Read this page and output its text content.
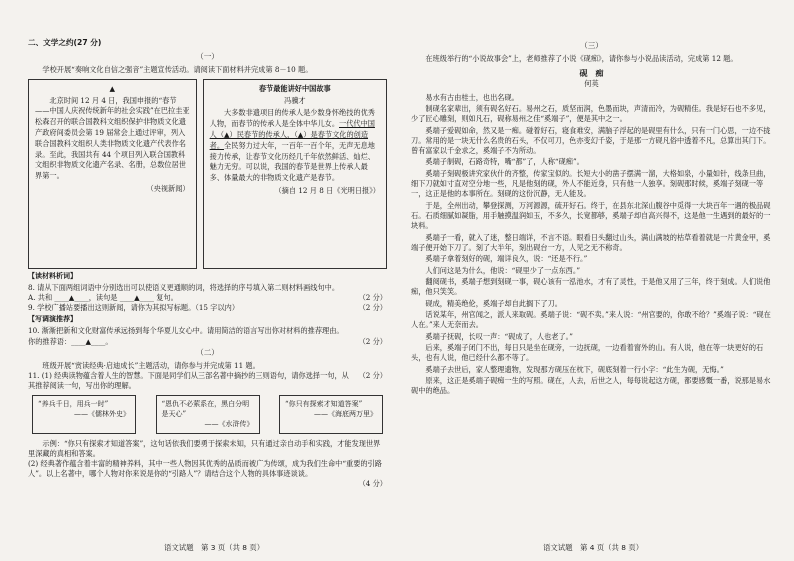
二、文学之约(27 分)

（一）

学校开展“奏响文化自信之强音”主题宣传活动。请阅读下面材料并完成第 8－10 题。

▲

北京时间 12 月 4 日，我国申报的“春节——中国人庆祝传统新年的社会实践”在巴拉圭亚松森召开的联合国教科文组织保护非物质文化遗产政府间委员会第 19 届常会上通过评审，列入联合国教科文组织人类非物质文化遗产代表作名录。至此，我国共有 44 个项目列入联合国教科文组织非物质文化遗产名录、名册，总数位居世界第一。

（央视新闻）

春节最能讲好中国故事

冯骥才

大多数非遗项目的传承人是少数身怀绝技的优秀人物，而春节的传承人是全体中华儿女。一代代中国人（▲）民春节的传承人，（▲）是春节文化的创造者。全民努力过大年，一百年一百个年，无声无息地接力传承，让春节文化历经几千年依然鲜活、灿烂、魅力无穷。可以说，我国的春节是世界上传承人最多、体量最大的非物质文化遗产是春节。

（摘自 12 月 8 日《光明日报》）

【读材料析词】

8. 请从下面两组词语中分别选出可以使语义更通顺的词，将选择的序号填入第二则材料画线句中。

A. 共和 ____▲____，读句是 ____▲____ 复句。	（2 分）
9. 学校广播站要播出这则新闻，请你为其拟写标题。（15 字以内）	（2 分）

【写调演推荐】

10. 渐渐把新和文化财富传承远扬到每个华夏儿女心中。请用简洁的语言写出你对材料的推荐理由。

你的推荐语：____▲____。	（2 分）

（二）

班级开展“赏读经典·启迪成长”主题活动，请你参与并完成第 11 题。

11. (1) 经典读物蕴含着人生的智慧。下面是同学们从三部名著中摘抄的三则语句，请你选择一句，从其推荐阅读一句，写出你的理解。
（2 分）

“养兵千日，用兵一时”

——《儒林外史》

“恩仇不必萦系在，黑白分明是天心”

——《水浒传》

“你只有探索才知道答案”

——《海底两万里》

示例：“你只有探索才知道答案”，这句话依我们要勇于探索未知，只有通过亲自动手和实践，才能发现世界里深藏的真相和答案。

(2) 经典著作蕴含着丰富的精神养料，其中一些人物因其优秀的品质而被广为传颂，成为我们生命中“重要的引路人”。以上名著中，哪个人物对你来说是你的“引路人”？请结合这个人物的具体事迹谈谈。

（4 分）
语文试题　第 3 页（共 8 页）

（三）

在班级举行的“小说故事会”上，老师推荐了小说《砚痴》，请你参与小说品读活动，完成第 12 题。

砚　痴

何英

易水有古由桂士，也出名砚。

制砚名家辈出，须有砚名好石。易州之石，质坚而润，色墨而块，声清而冷，为砚精佳。我是好石也不多见，少了匠心雕刻，则如凡石，砚称易州之佳“奚端子”，便是其中之一。

奚端子爱砚如命，然又是一痴。碰着好石，寝食难安，满脑子浮起的是砚里有什么，只有一门心思，一边不拢刀。常用的是一块无什么名贵的石头，不仅可刀，色亦变幻千姿，于是那一方砚凡俗中透着不凡，总算出其门下。曾有富家以千金求之，奚端子不为所动。

奚端子制砚，石路奇特，嘴“都”了，人称“砚痴”。

奚端子刻砚极讲究家伙什的齐整，传家宝似的。长短大小的凿子摆满一溜，大格如泉，小量如针，线条旦曲，细下刀就如寸直对空分地一些，凡是他刻的砚，外人不能近身，只有他一人独享。刻砚那时候，奚端子刻砚一等一，这正是他的本事所在。刻砚的这份沉静，无人能及。

于是，全州出动，攀登探测，万河源源，硫开好石。终于，在县东北深山腹谷中觅得一大块百年一遇的极品砚石。石质细腻如凝脂，用手触摸温润如玉，不多久，长宽都够，奚端子却自高兴得不，这是他一生遇到的最好的一块料。

奚端子一看，就入了迷，整日端详，不言不语。眼看日头翻过山头，满山满坡的枯草看着就是一片黄金甲，奚端子便开始下刀了。刻了大半年，刻出砚台一方，人见之无不称奇。

奚端子拿着刻好的砚，端详良久，说：“还是不行。”

人们问这是为什么，他说：“砚里少了一点东西。”

翻阅砚书，奚端子想到刻砚一事，砚心该有一泓池水，才有了灵性，于是他又用了三年，终于刻成。人们说他痴，他只笑笑。

砚成，精美绝伦，奚端子却自此搁下了刀。

话说某年，州官闻之，派人来取砚。奚端子说：“砚不卖。”来人说：“州官要的，你敢不给？”奚端子说：“砚在人在。”来人无奈而去。

奚端子抚砚，长叹一声：“砚成了，人也老了。”

后来，奚端子闭门不出，每日只是坐在砚旁，一边抚砚，一边看着窗外的山。有人说，他在等一块更好的石头，也有人说，他已经什么都不等了。

奚端子去世后，家人整理遗物，发现那方砚压在枕下，砚底刻着一行小字：“此生为砚，无悔。”

原来，这正是奚端子砚痴一生的写照。砚在，人去，后世之人，每每说起这方砚，都要感慨一番，说那是易水砚中的绝品。

语文试题　第 4 页（共 8 页）
